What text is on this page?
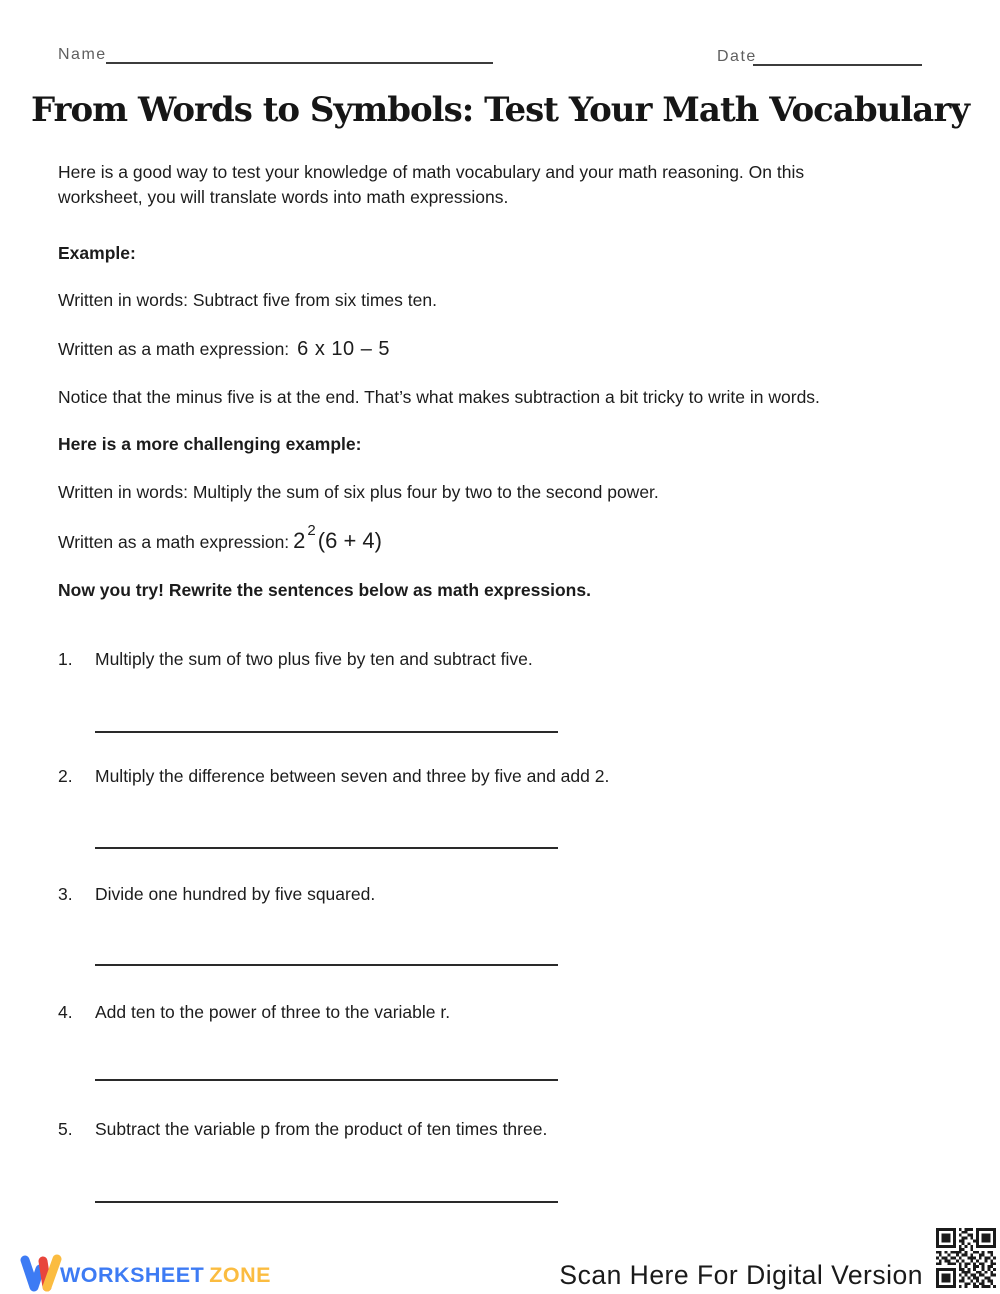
Name	Date
From Words to Symbols: Test Your Math Vocabulary

Here is a good way to test your knowledge of math vocabulary and your math reasoning. On this worksheet, you will translate words into math expressions.

Example:

Written in words: Subtract five from six times ten.

Written as a math expression: 6 x 10 – 5

Notice that the minus five is at the end. That’s what makes subtraction a bit tricky to write in words.

Here is a more challenging example:

Written in words: Multiply the sum of six plus four by two to the second power.

Written as a math expression: 2 2(6 + 4)

Now you try! Rewrite the sentences below as math expressions.

1.	Multiply the sum of two plus five by ten and subtract five.
2.	Multiply the difference between seven and three by five and add 2.
3.	Divide one hundred by five squared.
4.	Add ten to the power of three to the variable r.
5.	Subtract the variable p from the product of ten times three.
WORKSHEET ZONE	Scan Here For Digital Version
